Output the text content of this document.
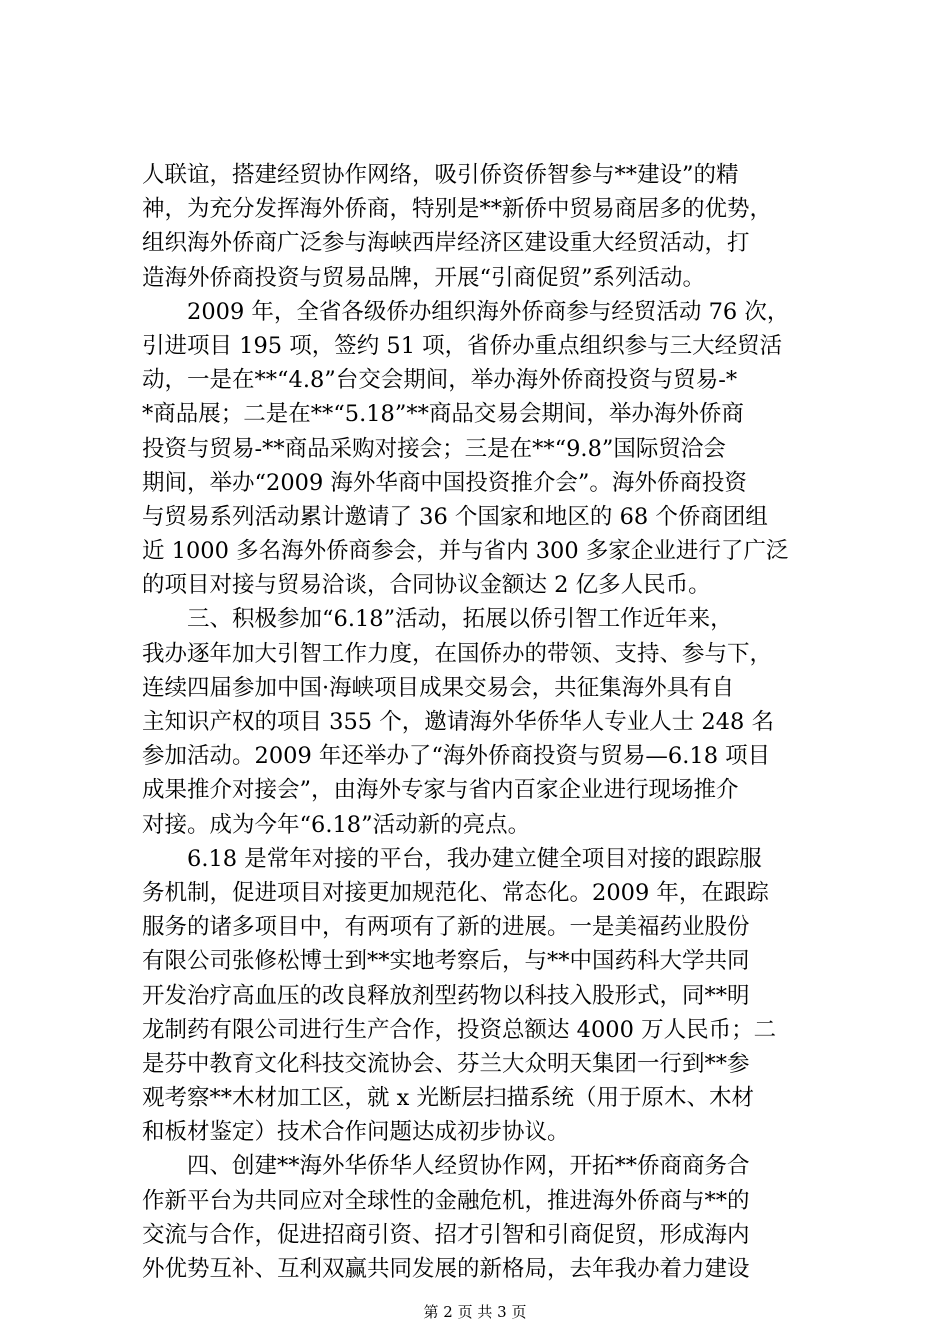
人联谊，搭建经贸协作网络，吸引侨资侨智参与**建设”的精
神，为充分发挥海外侨商，特别是**新侨中贸易商居多的优势，
组织海外侨商广泛参与海峡西岸经济区建设重大经贸活动，打
造海外侨商投资与贸易品牌，开展“引商促贸”系列活动。
　　2009 年，全省各级侨办组织海外侨商参与经贸活动 76 次，
引进项目 195 项，签约 51 项，省侨办重点组织参与三大经贸活
动，一是在**“4.8”台交会期间，举办海外侨商投资与贸易-*
*商品展；二是在**“5.18”**商品交易会期间，举办海外侨商
投资与贸易-**商品采购对接会；三是在**“9.8”国际贸洽会
期间，举办“2009 海外华商中国投资推介会”。海外侨商投资
与贸易系列活动累计邀请了 36 个国家和地区的 68 个侨商团组
近 1000 多名海外侨商参会，并与省内 300 多家企业进行了广泛
的项目对接与贸易洽谈，合同协议金额达 2 亿多人民币。
　　三、积极参加“6.18”活动，拓展以侨引智工作近年来，
我办逐年加大引智工作力度，在国侨办的带领、支持、参与下，
连续四届参加中国·海峡项目成果交易会，共征集海外具有自
主知识产权的项目 355 个，邀请海外华侨华人专业人士 248 名
参加活动。2009 年还举办了“海外侨商投资与贸易—6.18 项目
成果推介对接会”，由海外专家与省内百家企业进行现场推介
对接。成为今年“6.18”活动新的亮点。
　　6.18 是常年对接的平台，我办建立健全项目对接的跟踪服
务机制，促进项目对接更加规范化、常态化。2009 年，在跟踪
服务的诸多项目中，有两项有了新的进展。一是美福药业股份
有限公司张修松博士到**实地考察后，与**中国药科大学共同
开发治疗高血压的改良释放剂型药物以科技入股形式，同**明
龙制药有限公司进行生产合作，投资总额达 4000 万人民币；二
是芬中教育文化科技交流协会、芬兰大众明天集团一行到**参
观考察**木材加工区，就 x 光断层扫描系统（用于原木、木材
和板材鉴定）技术合作问题达成初步协议。
　　四、创建**海外华侨华人经贸协作网，开拓**侨商商务合
作新平台为共同应对全球性的金融危机，推进海外侨商与**的
交流与合作，促进招商引资、招才引智和引商促贸，形成海内
外优势互补、互利双赢共同发展的新格局，去年我办着力建设
第 2 页 共 3 页
